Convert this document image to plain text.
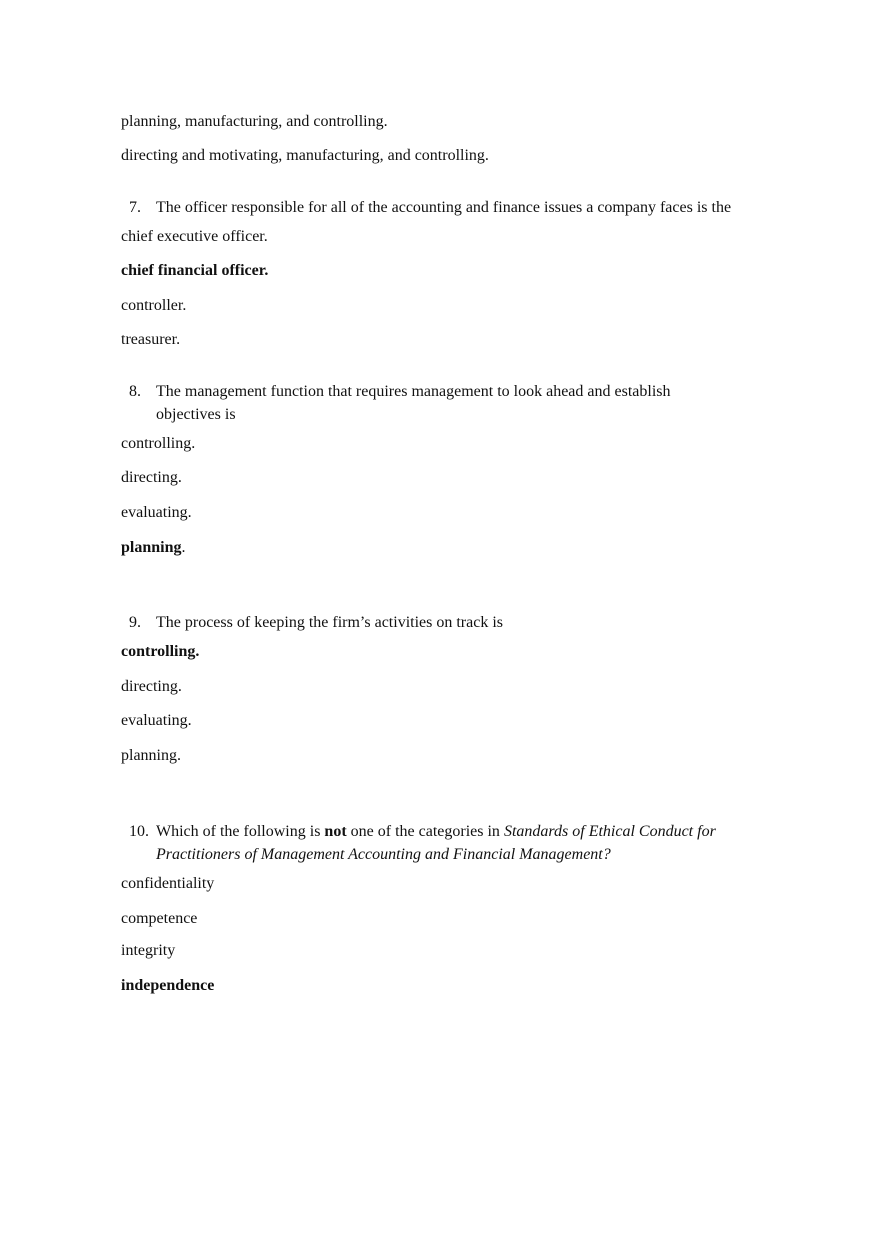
planning, manufacturing, and controlling.
directing and motivating, manufacturing, and controlling.
7. The officer responsible for all of the accounting and finance issues a company faces is the
chief executive officer.
chief financial officer.
controller.
treasurer.
8. The management function that requires management to look ahead and establish
objectives is
controlling.
directing.
evaluating.
planning.
9. The process of keeping the firm’s activities on track is
controlling.
directing.
evaluating.
planning.
10. Which of the following is not one of the categories in Standards of Ethical Conduct for
Practitioners of Management Accounting and Financial Management?
confidentiality
competence
integrity
independence
